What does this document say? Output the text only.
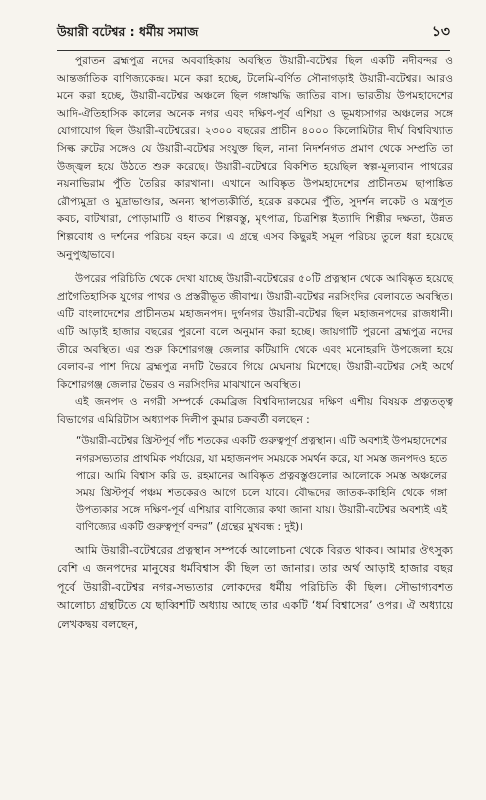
উয়ারী বটেশ্বর : ধর্মীয় সমাজ	১৩

পুরাতন ব্রহ্মপুত্র নদের অববাহিকায় অবস্থিত উয়ারী-বটেশ্বর ছিল একটি নদীবন্দর ও আন্তর্জাতিক বাণিজ্যকেন্দ্র। মনে করা হচ্ছে, টলেমি-বর্ণিত সৌনাগড়াই উয়ারী-বটেশ্বর। আরও মনে করা হচ্ছে, উয়ারী-বটেশ্বর অঞ্চলে ছিল গঙ্গাঋদ্ধি জাতির বাস। ভারতীয় উপমহাদেশের আদি-ঐতিহাসিক কালের অনেক নগর এবং দক্ষিণ-পূর্ব এশিয়া ও ভূমধ্যসাগর অঞ্চলের সঙ্গে যোগাযোগ ছিল উয়ারী-বটেশ্বরের। ২৩০০ বছরের প্রাচীন ৪০০০ কিলোমিটার দীর্ঘ বিশ্ববিখ্যাত সিল্ক রুটের সঙ্গেও যে উয়ারী-বটেশ্বর সংযুক্ত ছিল, নানা নিদর্শনগত প্রমাণ থেকে সম্প্রতি তা উজ্জ্বল হয়ে উঠতে শুরু করেছে। উয়ারী-বটেশ্বরে বিকশিত হয়েছিল স্বল্প-মূল্যবান পাথরের নয়নাভিরাম পুঁতি তৈরির কারখানা। এখানে আবিষ্কৃত উপমহাদেশের প্রাচীনতম ছাপাঙ্কিত রৌপ্যমুদ্রা ও মুদ্রাভাণ্ডার, অনন্য স্থাপত্যকীর্তি, হরেক রকমের পুঁতি, সুদর্শন লকেট ও মন্ত্রপূত কবচ, বাটখারা, পোড়ামাটি ও ধাতব শিল্পবস্তু, মৃৎপাত্র, চিত্রশিল্প ইত্যাদি শিল্পীর দক্ষতা, উন্নত শিল্পবোধ ও দর্শনের পরিচয় বহন করে। এ গ্রন্থে এসব কিছুরই সমূল পরিচয় তুলে ধরা হয়েছে অনুপুঙ্খভাবে।

উপরের পরিচিতি থেকে দেখা যাচ্ছে উয়ারী-বটেশ্বরের ৫০টি প্রত্নস্থান থেকে আবিষ্কৃত হয়েছে প্রাগৈতিহাসিক যুগের পাথর ও প্রস্তরীভূত জীবাশ্ম। উয়ারী-বটেশ্বর নরসিংদির বেলাবতে অবস্থিত। এটি বাংলাদেশের প্রাচীনতম মহাজনপদ। দুর্গনগর উয়ারী-বটেশ্বর ছিল মহাজনপদের রাজধানী। এটি আড়াই হাজার বছরের পুরনো বলে অনুমান করা হচ্ছে। জায়গাটি পুরনো ব্রহ্মপুত্র নদের তীরে অবস্থিত। এর শুরু কিশোরগঞ্জ জেলার কটিয়াদি থেকে এবং মনোহরদি উপজেলা হয়ে বেলাব-র পাশ দিয়ে ব্রহ্মপুত্র নদটি ভৈরবে গিয়ে মেঘনায় মিশেছে। উয়ারী-বটেশ্বর সেই অর্থে কিশোরগঞ্জ জেলার ভৈরব ও নরসিংদির মাঝখানে অবস্থিত।

এই জনপদ ও নগরী সম্পর্কে কেমব্রিজ বিশ্ববিদ্যালয়ের দক্ষিণ এশীয় বিষয়ক প্রত্নতত্ত্ব বিভাগের এমিরিটাস অধ্যাপক দিলীপ কুমার চক্রবর্তী বলছেন :

“উয়ারী-বটেশ্বর খ্রিস্টপূর্ব পাঁচ শতকের একটি গুরুত্বপূর্ণ প্রত্নস্থান। এটি অবশ্যই উপমহাদেশের নগরসভ্যতার প্রাথমিক পর্যায়ের, যা মহাজনপদ সময়কে সমর্থন করে, যা সমস্ত জনপদও হতে পারে। আমি বিশ্বাস করি ড. রহমানের আবিষ্কৃত প্রত্নবস্তুগুলোর আলোকে সমস্ত অঞ্চলের সময় খ্রিস্টপূর্ব পঞ্চম শতকেরও আগে চলে যাবে। বৌদ্ধদের জাতক-কাহিনি থেকে গঙ্গা উপত্যকার সঙ্গে দক্ষিণ-পূর্ব এশিয়ার বাণিজ্যের কথা জানা যায়। উয়ারী-বটেশ্বর অবশ্যই এই বাণিজ্যের একটি গুরুত্বপূর্ণ বন্দর” (গ্রন্থের মুখবন্ধ : দুই)।

আমি উয়ারী-বটেশ্বরের প্রত্নস্থান সম্পর্কে আলোচনা থেকে বিরত থাকব। আমার ঔৎসুক্য বেশি এ জনপদের মানুষের ধর্মবিশ্বাস কী ছিল তা জানার। তার অর্থ আড়াই হাজার বছর পূর্বে উয়ারী-বটেশ্বর নগর-সভ্যতার লোকদের ধর্মীয় পরিচিতি কী ছিল। সৌভাগ্যবশত আলোচ্য গ্রন্থটিতে যে ছাব্বিশটি অধ্যায় আছে তার একটি ‘ধর্ম বিশ্বাসের’ ওপর। ঐ অধ্যায়ে লেখকদ্বয় বলছেন,
